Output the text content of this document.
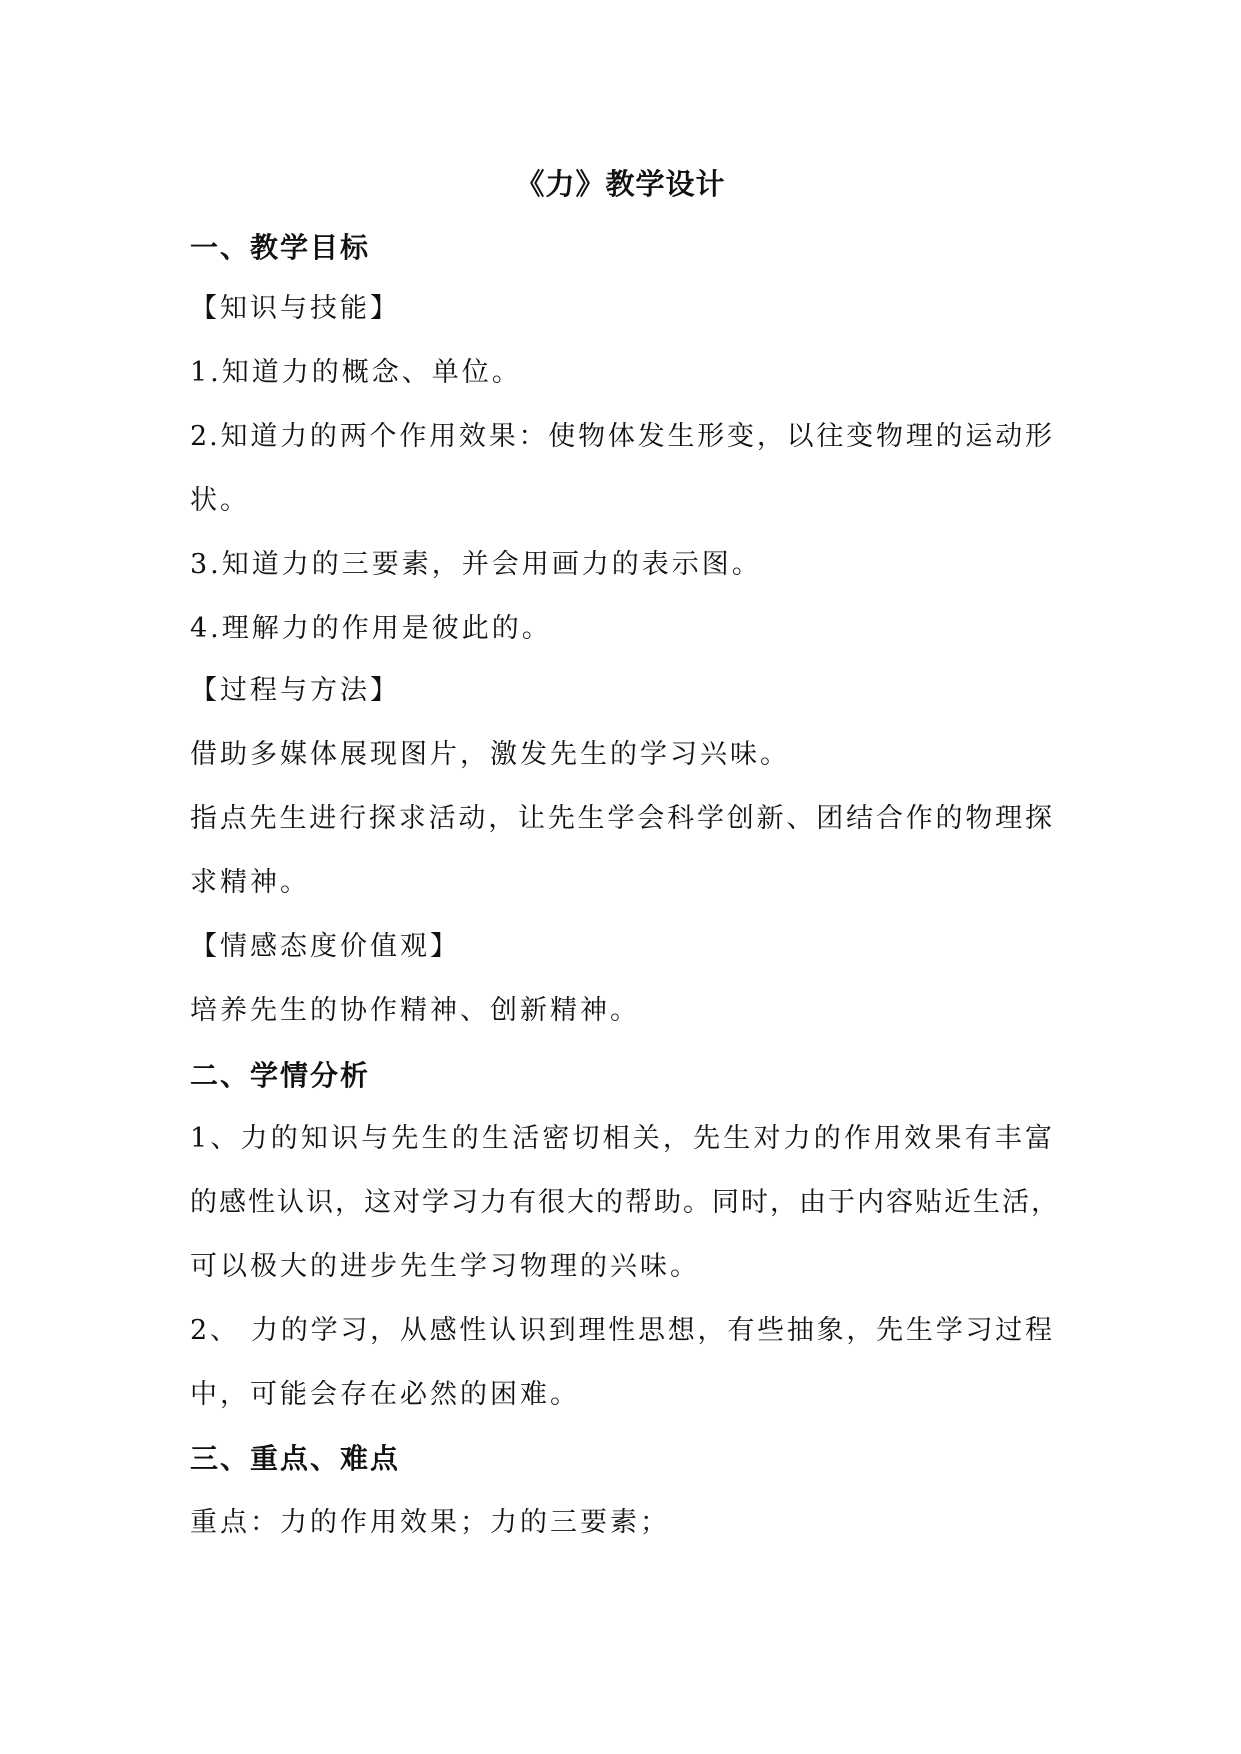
《力》教学设计
一、教学目标
【知识与技能】
1.知道力的概念、单位。
2.知道力的两个作用效果：使物体发生形变，以往变物理的运动形
状。
3.知道力的三要素，并会用画力的表示图。
4.理解力的作用是彼此的。
【过程与方法】
借助多媒体展现图片，激发先生的学习兴味。
指点先生进行探求活动，让先生学会科学创新、团结合作的物理探
求精神。
【情感态度价值观】
培养先生的协作精神、创新精神。
二、学情分析
1、力的知识与先生的生活密切相关，先生对力的作用效果有丰富
的感性认识，这对学习力有很大的帮助。同时，由于内容贴近生活，
可以极大的进步先生学习物理的兴味。
2、 力的学习，从感性认识到理性思想，有些抽象，先生学习过程
中，可能会存在必然的困难。
三、重点、难点
重点：力的作用效果；力的三要素；
